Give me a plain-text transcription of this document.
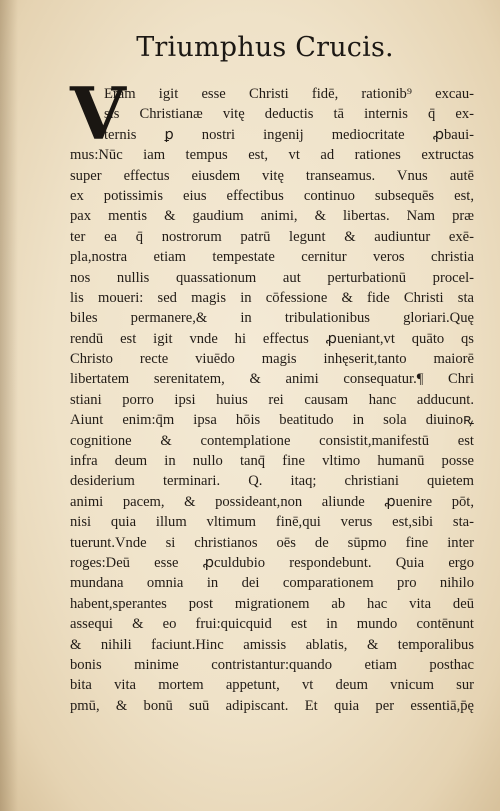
Triumphus Crucis.
V
Eram igit esse Christi fidē, rationib⁹ excau-
sis Christianæ vitę deductis tā internis q̄ ex-
ternis ꝑ nostri ingenij mediocritate ꝓbaui-
mus:Nūc iam tempus est, vt ad rationes extructas
super effectus eiusdem vitę transeamus. Vnus autē
ex potissimis eius effectibus continuo subsequēs est,
pax mentis & gaudium animi, & libertas. Nam præ
ter ea q̄ nostrorum patrū legunt & audiuntur exē-
pla,nostra etiam tempestate cernitur veros christia
nos nullis quassationum aut perturbationū procel-
lis moueri: sed magis in cōfessione & fide Christi sta
biles permanere,& in tribulationibus gloriari.Quę
rendū est igit vnde hi effectus ꝓueniant,vt quāto qs
Christo recte viuēdo magis inhęserit,tanto maiorē
libertatem serenitatem, & animi consequatur.¶ Chri
stiani porro ipsi huius rei causam hanc adducunt.
Aiunt enim:q̄m ipsa hōis beatitudo in sola diuinoꝶ
cognitione & contemplatione consistit,manifestū est
infra deum in nullo tanq̄ fine vltimo humanū posse
desiderium terminari. Q. itaq; christiani quietem
animi pacem, & possideant,non aliunde ꝓuenire pōt,
nisi quia illum vltimum finē,qui verus est,sibi sta-
tuerunt.Vnde si christianos oēs de sūpmo fine inter
roges:Deū esse ꝓculdubio respondebunt. Quia ergo
mundana omnia in dei comparationem pro nihilo
habent,sperantes post migrationem ab hac vita deū
assequi & eo frui:quicquid est in mundo contēnunt
& nihili faciunt.Hinc amissis ablatis, & temporalibus
bonis minime contristantur:quando etiam posthac
bita vita mortem appetunt, vt deum vnicum sur
pmū, & bonū suū adipiscant. Et quia per essentiā,p̄ę
